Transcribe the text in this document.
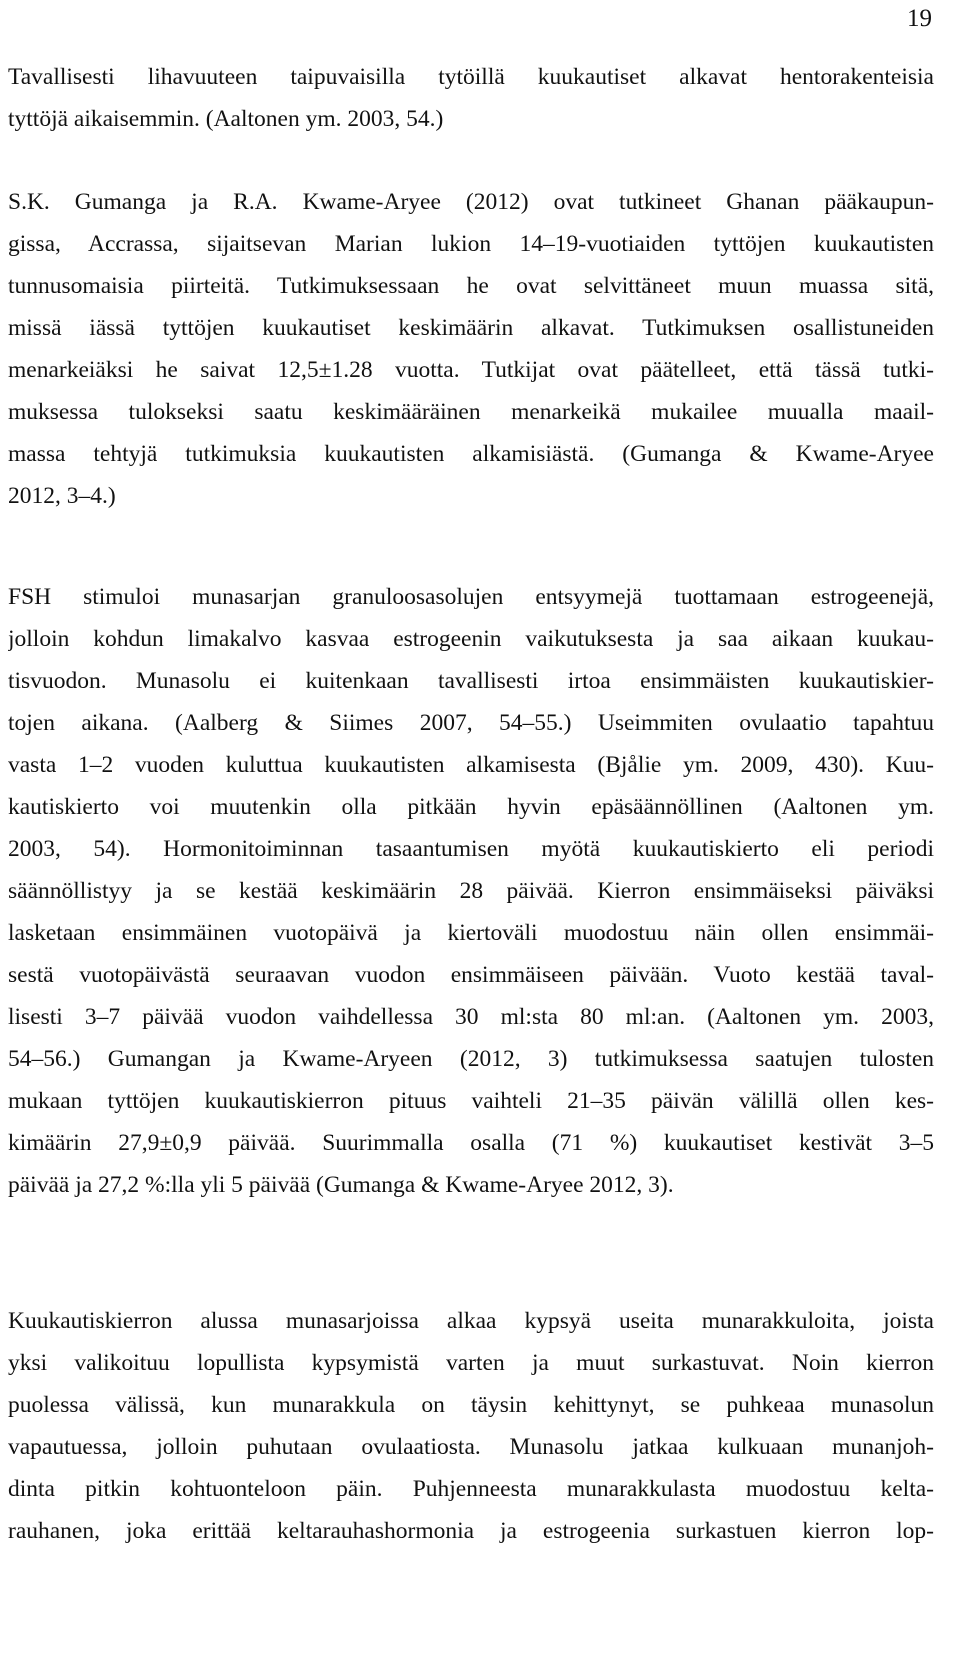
19
Tavallisesti lihavuuteen taipuvaisilla tytöillä kuukautiset alkavat hentorakenteisia
tyttöjä aikaisemmin. (Aaltonen ym. 2003, 54.)
S.K. Gumanga ja R.A. Kwame-Aryee (2012) ovat tutkineet Ghanan pääkaupun-
gissa, Accrassa, sijaitsevan Marian lukion 14–19-vuotiaiden tyttöjen kuukautisten
tunnusomaisia piirteitä. Tutkimuksessaan he ovat selvittäneet muun muassa sitä,
missä iässä tyttöjen kuukautiset keskimäärin alkavat. Tutkimuksen osallistuneiden
menarkeiäksi he saivat 12,5±1.28 vuotta. Tutkijat ovat päätelleet, että tässä tutki-
muksessa tulokseksi saatu keskimääräinen menarkeikä mukailee muualla maail-
massa tehtyjä tutkimuksia kuukautisten alkamisiästä. (Gumanga & Kwame-Aryee
2012, 3–4.)
FSH stimuloi munasarjan granuloosasolujen entsyymejä tuottamaan estrogeenejä,
jolloin kohdun limakalvo kasvaa estrogeenin vaikutuksesta ja saa aikaan kuukau-
tisvuodon. Munasolu ei kuitenkaan tavallisesti irtoa ensimmäisten kuukautiskier-
tojen aikana. (Aalberg & Siimes 2007, 54–55.) Useimmiten ovulaatio tapahtuu
vasta 1–2 vuoden kuluttua kuukautisten alkamisesta (Bjålie ym. 2009, 430). Kuu-
kautiskierto voi muutenkin olla pitkään hyvin epäsäännöllinen (Aaltonen ym.
2003, 54). Hormonitoiminnan tasaantumisen myötä kuukautiskierto eli periodi
säännöllistyy ja se kestää keskimäärin 28 päivää. Kierron ensimmäiseksi päiväksi
lasketaan ensimmäinen vuotopäivä ja kiertoväli muodostuu näin ollen ensimmäi-
sestä vuotopäivästä seuraavan vuodon ensimmäiseen päivään. Vuoto kestää taval-
lisesti 3–7 päivää vuodon vaihdellessa 30 ml:sta 80 ml:an. (Aaltonen ym. 2003,
54–56.) Gumangan ja Kwame-Aryeen (2012, 3) tutkimuksessa saatujen tulosten
mukaan tyttöjen kuukautiskierron pituus vaihteli 21–35 päivän välillä ollen kes-
kimäärin 27,9±0,9 päivää. Suurimmalla osalla (71 %) kuukautiset kestivät 3–5
päivää ja 27,2 %:lla yli 5 päivää (Gumanga & Kwame-Aryee 2012, 3).
Kuukautiskierron alussa munasarjoissa alkaa kypsyä useita munarakkuloita, joista
yksi valikoituu lopullista kypsymistä varten ja muut surkastuvat. Noin kierron
puolessa välissä, kun munarakkula on täysin kehittynyt, se puhkeaa munasolun
vapautuessa, jolloin puhutaan ovulaatiosta. Munasolu jatkaa kulkuaan munanjoh-
dinta pitkin kohtuonteloon päin. Puhjenneesta munarakkulasta muodostuu kelta-
rauhanen, joka erittää keltarauhashormonia ja estrogeenia surkastuen kierron lop-
